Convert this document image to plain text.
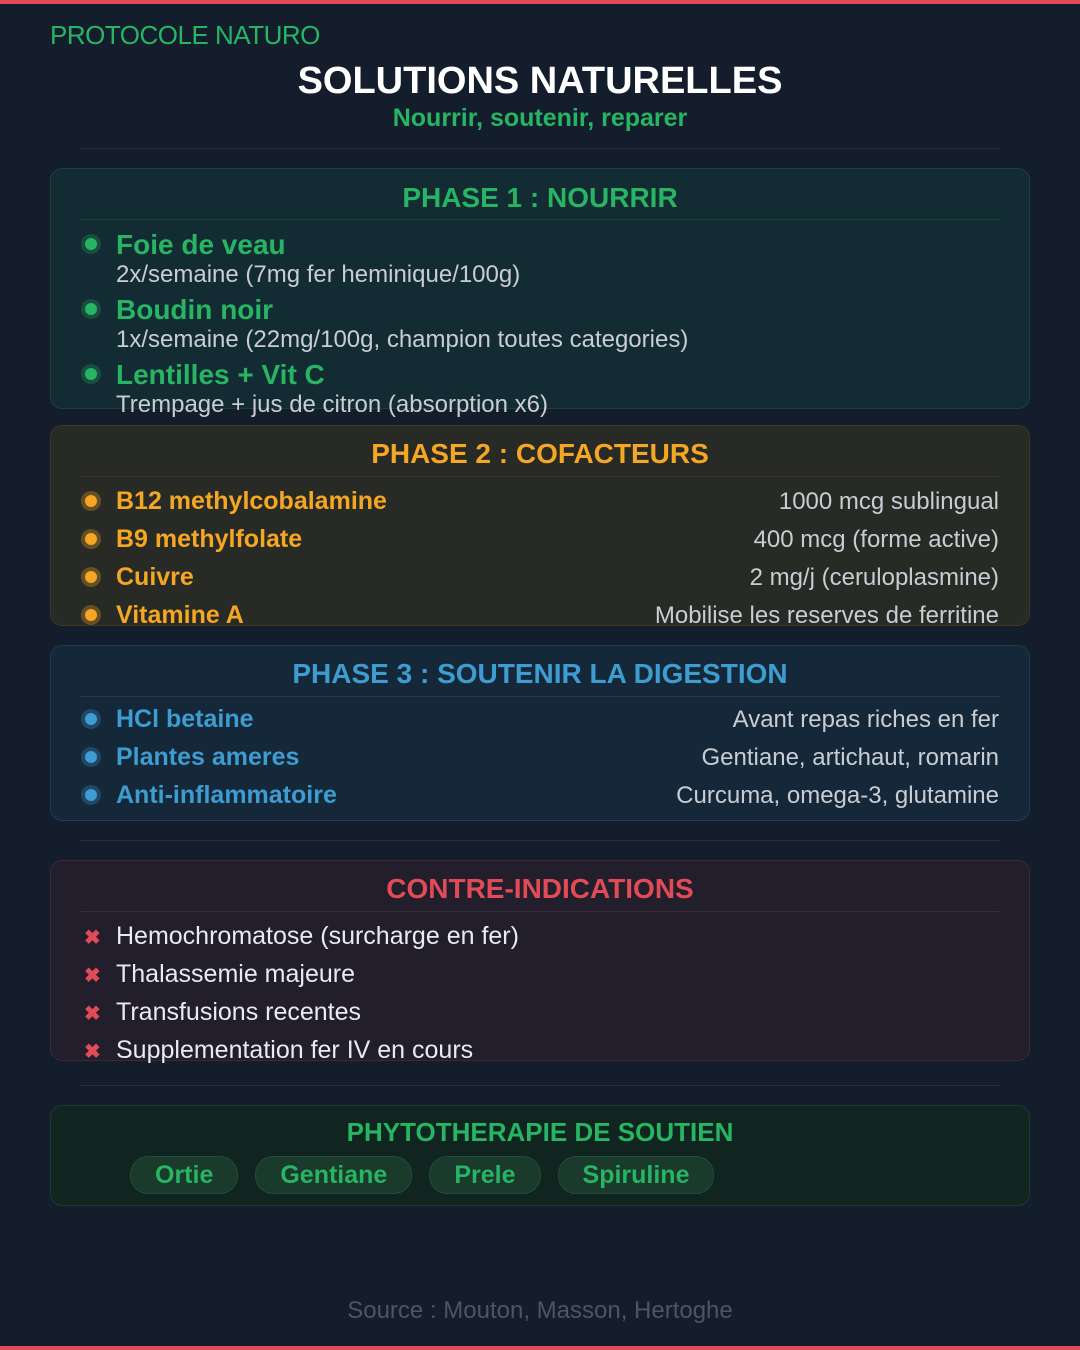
PROTOCOLE NATURO
SOLUTIONS NATURELLES
Nourrir, soutenir, reparer
PHASE 1 : NOURRIR
Foie de veau
2x/semaine (7mg fer heminique/100g)
Boudin noir
1x/semaine (22mg/100g, champion toutes categories)
Lentilles + Vit C
Trempage + jus de citron (absorption x6)
PHASE 2 : COFACTEURS
B12 methylcobalamine	1000 mcg sublingual
B9 methylfolate	400 mcg (forme active)
Cuivre	2 mg/j (ceruloplasmine)
Vitamine A	Mobilise les reserves de ferritine
PHASE 3 : SOUTENIR LA DIGESTION
HCl betaine	Avant repas riches en fer
Plantes ameres	Gentiane, artichaut, romarin
Anti-inflammatoire	Curcuma, omega-3, glutamine
CONTRE-INDICATIONS
✖ Hemochromatose (surcharge en fer)
✖ Thalassemie majeure
✖ Transfusions recentes
✖ Supplementation fer IV en cours
PHYTOTHERAPIE DE SOUTIEN
Ortie	Gentiane	Prele	Spiruline
Source : Mouton, Masson, Hertoghe
